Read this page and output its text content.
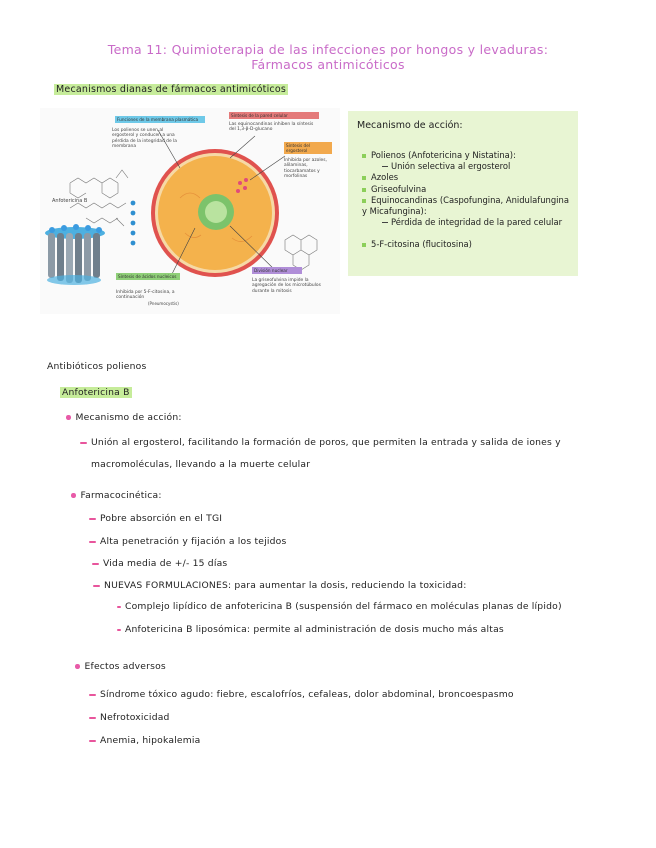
Tema 11: Quimioterapia de las infecciones por hongos y levaduras:
Fármacos antimicóticos
Mecanismos dianas de fármacos antimicóticos
Funciones de la membrana plasmática
Los polienos se unen al ergosterol y conducen a una pérdida de la integridad de la membrana
Anfotericina B
Síntesis de la pared celular
Las equinocandinas inhiben la síntesis del 1,3-β-D-glucano
Síntesis del ergosterol
Inhibida por azoles, alilaminas, tiocarbamatos y morfolinas
Síntesis de ácidos nucleicos
Inhibida por 5-F-citosina, a continuación
(Pneumocystis)
División nuclear
La griseofulvina impide la agregación de los microtúbulos durante la mitosis
Mecanismo de acción:
Polienos (Anfotericina y Nistatina):
Unión selectiva al ergosterol
Azoles
Griseofulvina
Equinocandinas (Caspofungina, Anidulafungina y Micafungina):
Pérdida de integridad de la pared celular
5-F-citosina (flucitosina)
Antibióticos polienos
Anfotericina B
Mecanismo de acción:
Unión al ergosterol, facilitando la formación de poros, que permiten la entrada y salida de iones y
macromoléculas, llevando a la muerte celular
Farmacocinética:
Pobre absorción en el TGI
Alta penetración y fijación a los tejidos
Vida media de +/- 15 días
NUEVAS FORMULACIONES: para aumentar la dosis, reduciendo la toxicidad:
Complejo lipídico de anfotericina B (suspensión del fármaco en moléculas planas de lípido)
Anfotericina B liposómica: permite al administración de dosis mucho más altas
Efectos adversos
Síndrome tóxico agudo: fiebre, escalofríos, cefaleas, dolor abdominal, broncoespasmo
Nefrotoxicidad
Anemia, hipokalemia
